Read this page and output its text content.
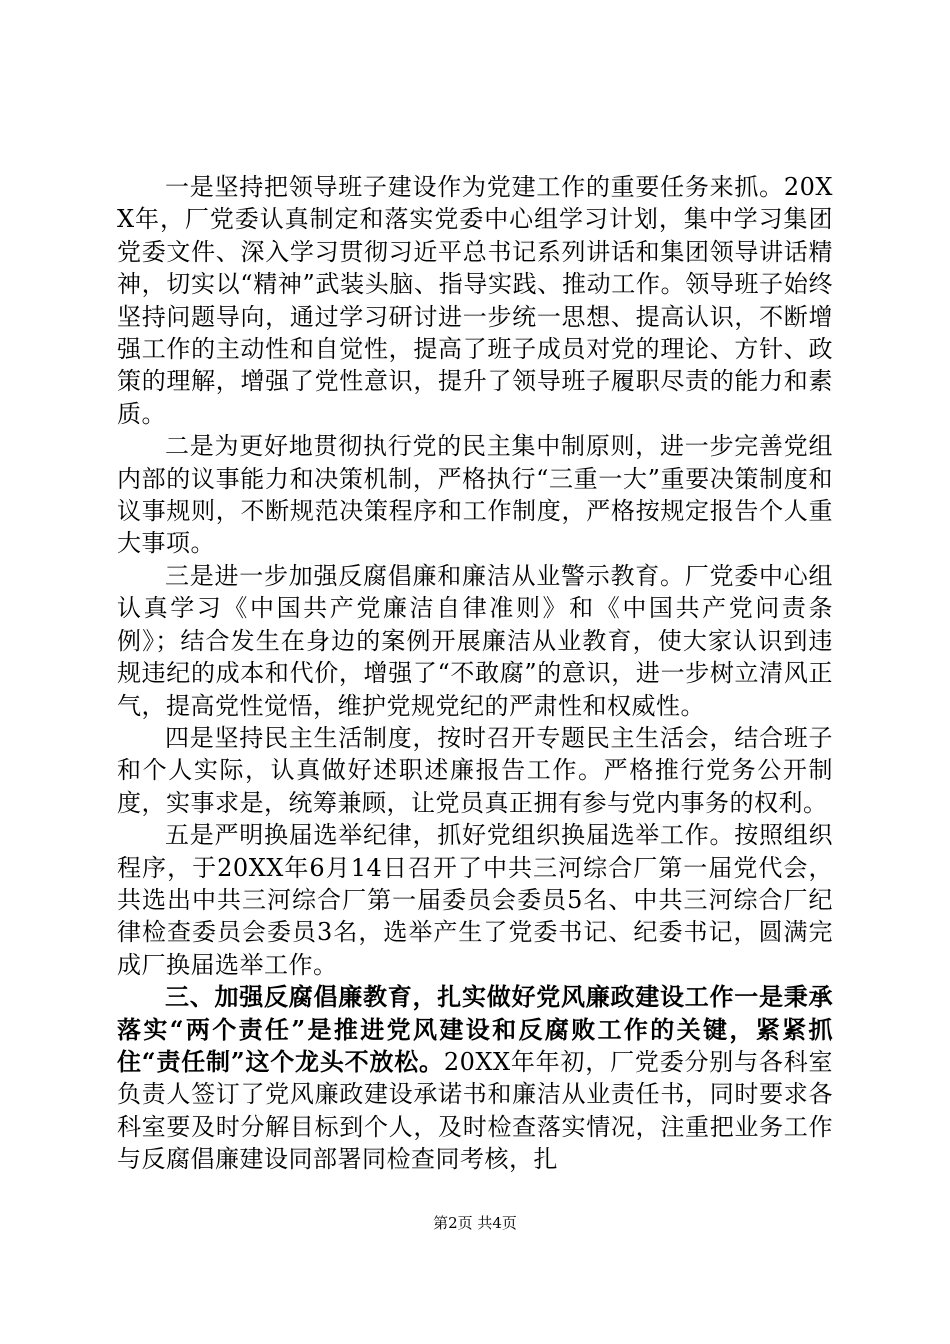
一是坚持把领导班子建设作为党建工作的重要任务来抓。20XX年，厂党委认真制定和落实党委中心组学习计划，集中学习集团党委文件、深入学习贯彻习近平总书记系列讲话和集团领导讲话精神，切实以“精神”武装头脑、指导实践、推动工作。领导班子始终坚持问题导向，通过学习研讨进一步统一思想、提高认识，不断增强工作的主动性和自觉性，提高了班子成员对党的理论、方针、政策的理解，增强了党性意识，提升了领导班子履职尽责的能力和素质。

二是为更好地贯彻执行党的民主集中制原则，进一步完善党组内部的议事能力和决策机制，严格执行“三重一大”重要决策制度和议事规则，不断规范决策程序和工作制度，严格按规定报告个人重大事项。

三是进一步加强反腐倡廉和廉洁从业警示教育。厂党委中心组认真学习《中国共产党廉洁自律准则》和《中国共产党问责条例》；结合发生在身边的案例开展廉洁从业教育，使大家认识到违规违纪的成本和代价，增强了“不敢腐”的意识，进一步树立清风正气，提高党性觉悟，维护党规党纪的严肃性和权威性。

四是坚持民主生活制度，按时召开专题民主生活会，结合班子和个人实际，认真做好述职述廉报告工作。严格推行党务公开制度，实事求是，统筹兼顾，让党员真正拥有参与党内事务的权利。

五是严明换届选举纪律，抓好党组织换届选举工作。按照组织程序，于20XX年6月14日召开了中共三河综合厂第一届党代会，共选出中共三河综合厂第一届委员会委员5名、中共三河综合厂纪律检查委员会委员3名，选举产生了党委书记、纪委书记，圆满完成厂换届选举工作。

三、加强反腐倡廉教育，扎实做好党风廉政建设工作一是秉承落实“两个责任”是推进党风建设和反腐败工作的关键，紧紧抓住“责任制”这个龙头不放松。20XX年年初，厂党委分别与各科室负责人签订了党风廉政建设承诺书和廉洁从业责任书，同时要求各科室要及时分解目标到个人，及时检查落实情况，注重把业务工作与反腐倡廉建设同部署同检查同考核，扎

第2页 共4页
